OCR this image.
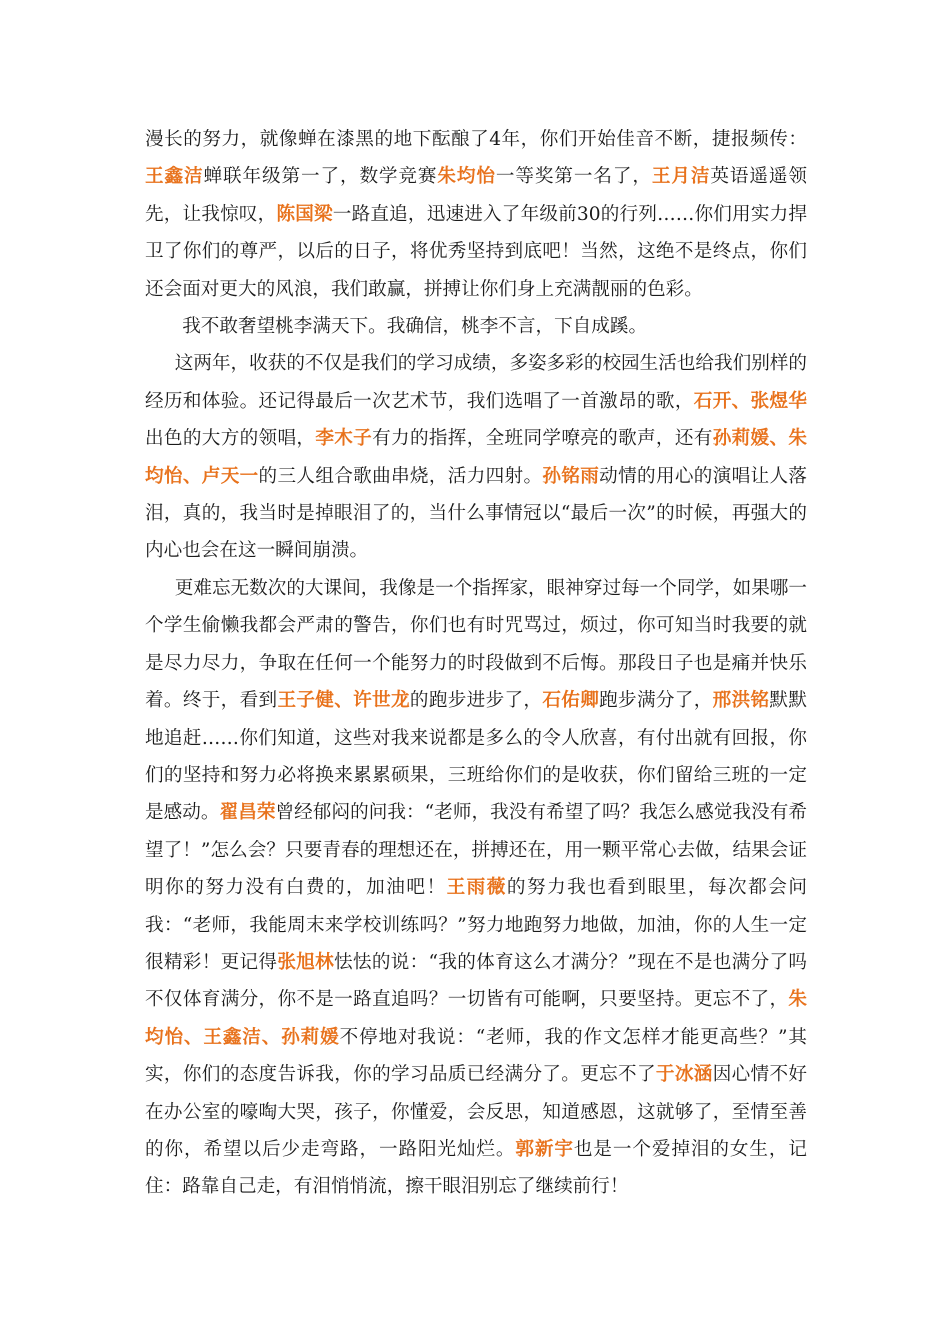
漫长的努力，就像蝉在漆黑的地下酝酿了4年，你们开始佳音不断，捷报频传：王鑫洁蝉联年级第一了，数学竞赛朱均怡一等奖第一名了，王月洁英语遥遥领先，让我惊叹，陈国梁一路直追，迅速进入了年级前30的行列……你们用实力捍卫了你们的尊严，以后的日子，将优秀坚持到底吧！当然，这绝不是终点，你们还会面对更大的风浪，我们敢赢，拼搏让你们身上充满靓丽的色彩。

我不敢奢望桃李满天下。我确信，桃李不言，下自成蹊。

这两年，收获的不仅是我们的学习成绩，多姿多彩的校园生活也给我们别样的经历和体验。还记得最后一次艺术节，我们选唱了一首激昂的歌，石开、张煜华出色的大方的领唱，李木子有力的指挥，全班同学嘹亮的歌声，还有孙莉媛、朱均怡、卢天一的三人组合歌曲串烧，活力四射。孙铭雨动情的用心的演唱让人落泪，真的，我当时是掉眼泪了的，当什么事情冠以“最后一次”的时候，再强大的内心也会在这一瞬间崩溃。

更难忘无数次的大课间，我像是一个指挥家，眼神穿过每一个同学，如果哪一个学生偷懒我都会严肃的警告，你们也有时咒骂过，烦过，你可知当时我要的就是尽力尽力，争取在任何一个能努力的时段做到不后悔。那段日子也是痛并快乐着。终于，看到王子健、许世龙的跑步进步了，石佑卿跑步满分了，邢洪铭默默地追赶……你们知道，这些对我来说都是多么的令人欣喜，有付出就有回报，你们的坚持和努力必将换来累累硕果，三班给你们的是收获，你们留给三班的一定是感动。翟昌荣曾经郁闷的问我：“老师，我没有希望了吗？我怎么感觉我没有希望了！”怎么会？只要青春的理想还在，拼搏还在，用一颗平常心去做，结果会证明你的努力没有白费的，加油吧！王雨薇的努力我也看到眼里，每次都会问我：“老师，我能周末来学校训练吗？”努力地跑努力地做，加油，你的人生一定很精彩！更记得张旭林怯怯的说：“我的体育这么才满分？”现在不是也满分了吗不仅体育满分，你不是一路直追吗？一切皆有可能啊，只要坚持。更忘不了，朱均怡、王鑫洁、孙莉媛不停地对我说：“老师，我的作文怎样才能更高些？”其实，你们的态度告诉我，你的学习品质已经满分了。更忘不了于冰涵因心情不好在办公室的嚎啕大哭，孩子，你懂爱，会反思，知道感恩，这就够了，至情至善的你，希望以后少走弯路，一路阳光灿烂。郭新宇也是一个爱掉泪的女生，记住：路靠自己走，有泪悄悄流，擦干眼泪别忘了继续前行！
